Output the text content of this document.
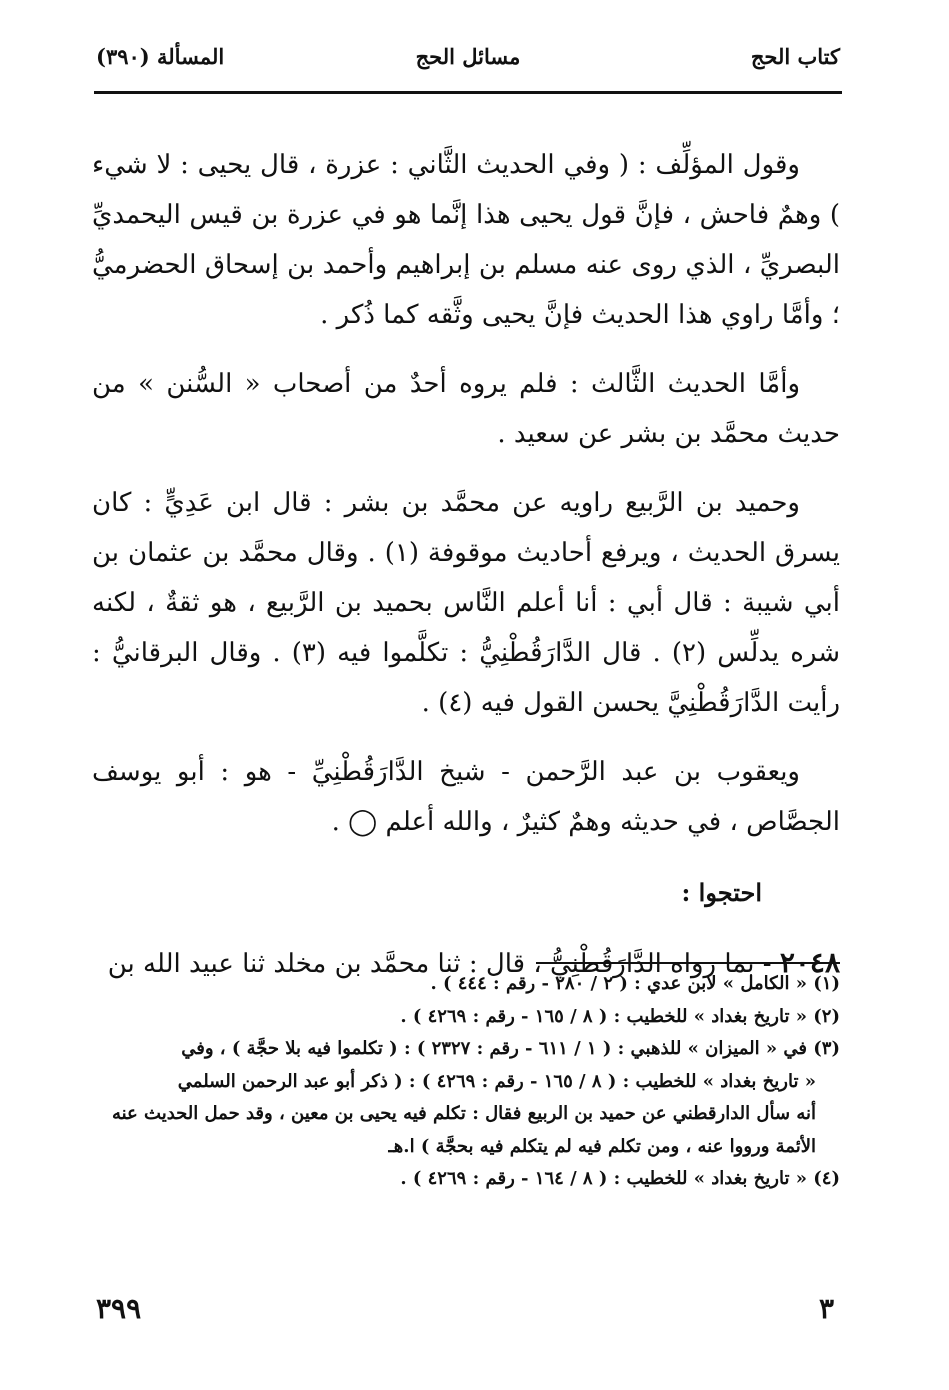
كتاب الحج
مسائل الحج
المسألة (٣٩٠)

وقول المؤلِّف : ( وفي الحديث الثَّاني : عزرة ، قال يحيى : لا شيء ) وهمٌ فاحش ، فإنَّ قول يحيى هذا إنَّما هو في عزرة بن قيس اليحمديِّ البصريِّ ، الذي روى عنه مسلم بن إبراهيم وأحمد بن إسحاق الحضرميُّ ؛ وأمَّا راوي هذا الحديث فإنَّ يحيى وثَّقه كما ذُكر .

وأمَّا الحديث الثَّالث : فلم يروه أحدٌ من أصحاب « السُّنن » من حديث محمَّد بن بشر عن سعيد .

وحميد بن الرَّبيع راويه عن محمَّد بن بشر : قال ابن عَدِيٍّ : كان يسرق الحديث ، ويرفع أحاديث موقوفة (١) . وقال محمَّد بن عثمان بن أبي شيبة : قال أبي : أنا أعلم النَّاس بحميد بن الرَّبيع ، هو ثقةٌ ، لكنه شره يدلِّس (٢) . قال الدَّارَقُطْنِيُّ : تكلَّموا فيه (٣) . وقال البرقانيُّ : رأيت الدَّارَقُطْنِيَّ يحسن القول فيه (٤) .

ويعقوب بن عبد الرَّحمن - شيخ الدَّارَقُطْنِيِّ - هو : أبو يوسف الجصَّاص ، في حديثه وهمٌ كثيرٌ ، والله أعلم ◯ .

احتجوا :

٢٠٤٨ - بما رواه الدَّارَقُطْنِيُّ ، قال : ثنا محمَّد بن مخلد ثنا عبيد الله بن

(١) « الكامل » لابن عدي : ( ٢ / ٢٨٠ - رقم : ٤٤٤ ) .

(٢) « تاريخ بغداد » للخطيب : ( ٨ / ١٦٥ - رقم : ٤٢٦٩ ) .

(٣) في « الميزان » للذهبي : ( ١ / ٦١١ - رقم : ٢٣٢٧ ) : ( تكلموا فيه بلا حجَّة ) ، وفي

« تاريخ بغداد » للخطيب : ( ٨ / ١٦٥ - رقم : ٤٢٦٩ ) : ( ذكر أبو عبد الرحمن السلمي

أنه سأل الدارقطني عن حميد بن الربيع فقال : تكلم فيه يحيى بن معين ، وقد حمل الحديث عنه

الأئمة ورووا عنه ، ومن تكلم فيه لم يتكلم فيه بحجَّة ) ا.هـ

(٤) « تاريخ بغداد » للخطيب : ( ٨ / ١٦٤ - رقم : ٤٢٦٩ ) .

٣
٣٩٩
